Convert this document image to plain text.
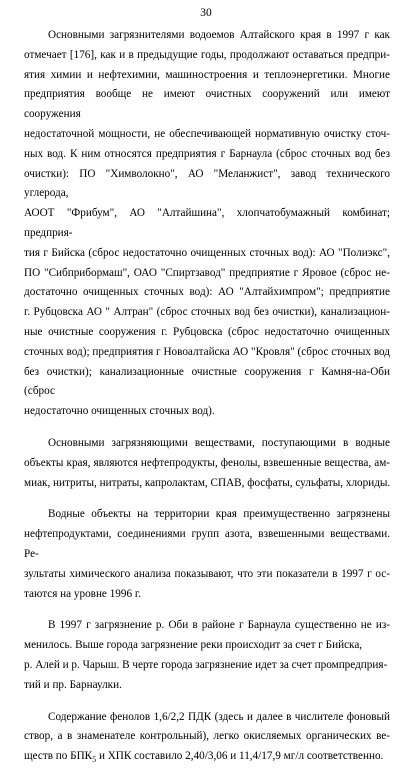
30
Основными загрязнителями водоемов Алтайского края в 1997 г как
отмечает [176], как и в предыдущие годы, продолжают оставаться предпри-
ятия химии и нефтехимии, машиностроения и теплоэнергетики. Многие
предприятия вообще не имеют очистных сооружений или имеют сооружения
недостаточной мощности, не обеспечивающей нормативную очистку сточ-
ных вод. К ним относятся предприятия г Барнаула (сброс сточных вод без
очистки): ПО "Химволокно", АО "Меланжист", завод технического углерода,
АООТ "Фрибум", АО "Алтайшина", хлопчатобумажный комбинат; предприя-
тия г Бийска (сброс недостаточно очищенных сточных вод): АО "Полиэкс",
ПО "Сибприбормаш", ОАО "Спиртзавод" предприятие г Яровое (сброс не-
достаточно очищенных сточных вод): АО "Алтайхимпром"; предприятие
г. Рубцовска АО " Алтран" (сброс сточных вод без очистки), канализацион-
ные очистные сооружения г. Рубцовска (сброс недостаточно очищенных
сточных вод); предприятия г Новоалтайска АО "Кровля" (сброс сточных вод
без очистки); канализационные очистные сооружения г Камня-на-Оби (сброс
недостаточно очищенных сточных вод).
Основными загрязняющими веществами, поступающими в водные
объекты края, являются нефтепродукты, фенолы, взвешенные вещества, ам-
миак, нитриты, нитраты, капролактам, СПАВ, фосфаты, сульфаты, хлориды.
Водные объекты на территории края преимущественно загрязнены
нефтепродуктами, соединениями групп азота, взвешенными веществами. Ре-
зультаты химического анализа показывают, что эти показатели в 1997 г ос-
таются на уровне 1996 г.
В 1997 г загрязнение р. Оби в районе г Барнаула существенно не из-
менилось. Выше города загрязнение реки происходит за счет г Бийска,
р. Алей и р. Чарыш. В черте города загрязнение идет за счет промпредприя-
тий и пр. Барнаулки.
Содержание фенолов 1,6/2,2 ПДК (здесь и далее в числителе фоновый
створ, а в знаменателе контрольный), легко окисляемых органических ве-
ществ по $БПК_5$ и ХПК составило 2,40/3,06 и 11,4/17,9 мг/л соответственно.
